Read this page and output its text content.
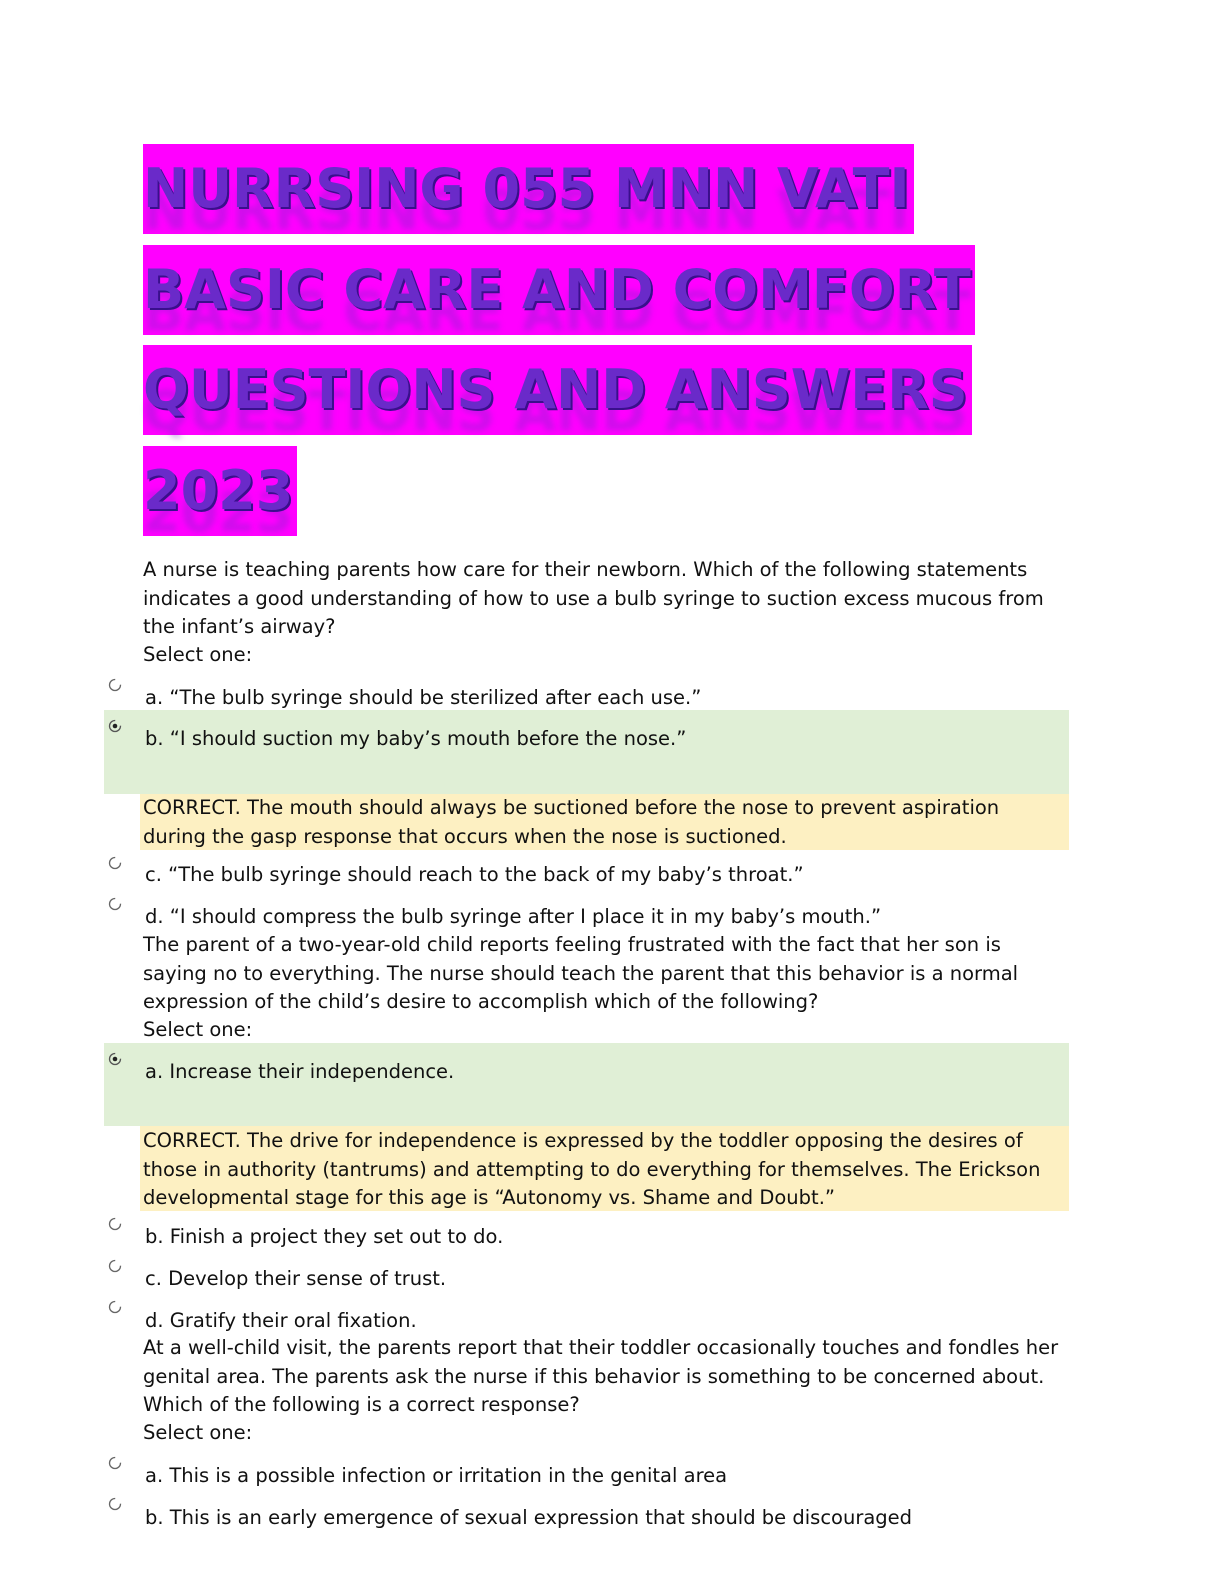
NURRSING 055 MNN VATI
BASIC CARE AND COMFORT
QUESTIONS AND ANSWERS
2023
A nurse is teaching parents how care for their newborn. Which of the following statements indicates a good understanding of how to use a bulb syringe to suction excess mucous from the infant’s airway?
Select one:
a. “The bulb syringe should be sterilized after each use.”
b. “I should suction my baby’s mouth before the nose.”
CORRECT. The mouth should always be suctioned before the nose to prevent aspiration during the gasp response that occurs when the nose is suctioned.
c. “The bulb syringe should reach to the back of my baby’s throat.”
d. “I should compress the bulb syringe after I place it in my baby’s mouth.”
The parent of a two-year-old child reports feeling frustrated with the fact that her son is saying no to everything. The nurse should teach the parent that this behavior is a normal expression of the child’s desire to accomplish which of the following?
Select one:
a. Increase their independence.
CORRECT. The drive for independence is expressed by the toddler opposing the desires of those in authority (tantrums) and attempting to do everything for themselves. The Erickson developmental stage for this age is “Autonomy vs. Shame and Doubt.”
b. Finish a project they set out to do.
c. Develop their sense of trust.
d. Gratify their oral fixation.
At a well-child visit, the parents report that their toddler occasionally touches and fondles her genital area. The parents ask the nurse if this behavior is something to be concerned about. Which of the following is a correct response?
Select one:
a. This is a possible infection or irritation in the genital area
b. This is an early emergence of sexual expression that should be discouraged
